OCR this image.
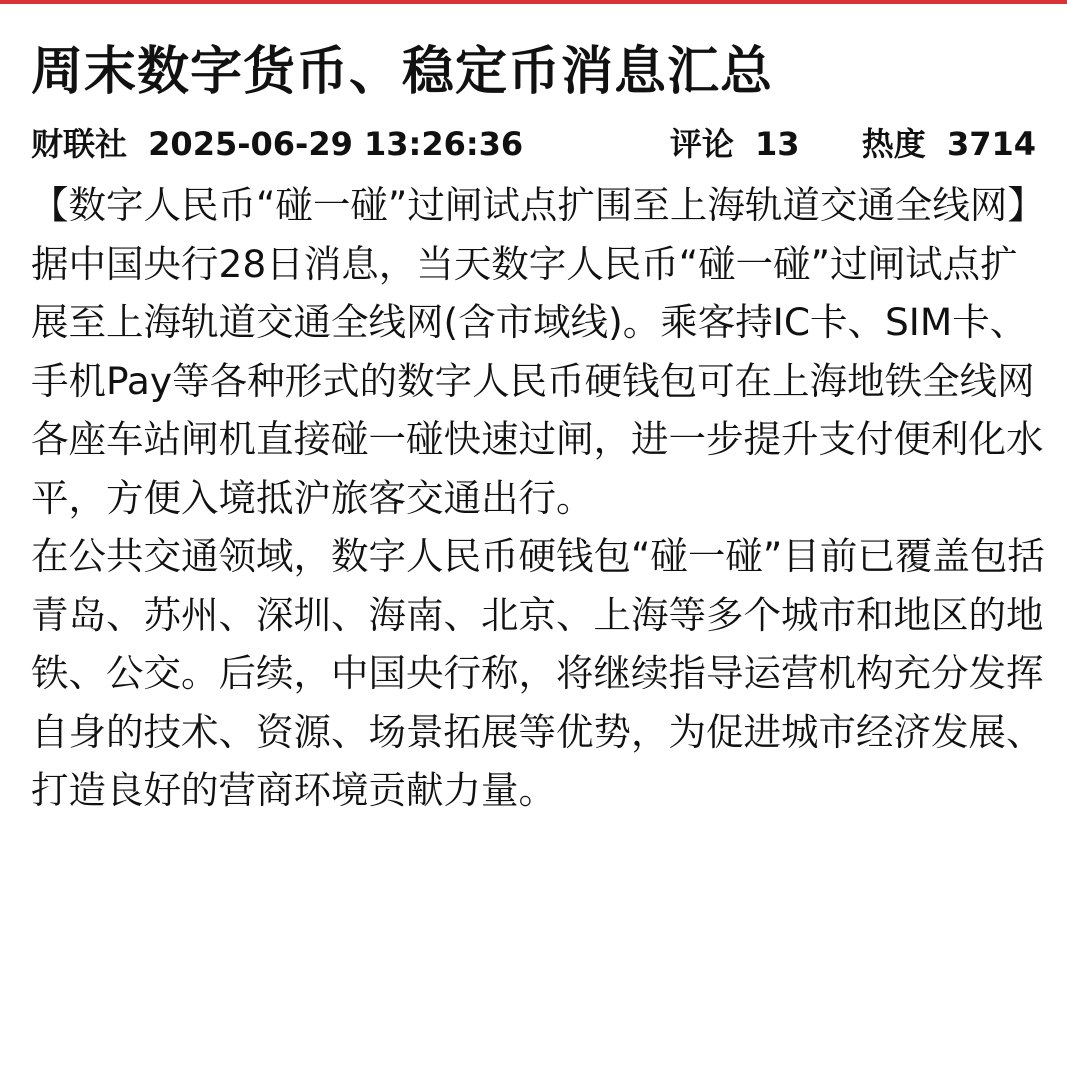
周末数字货币、稳定币消息汇总
财联社 2025-06-29 13:26:36	评论 13 热度 3714

【数字人民币“碰一碰”过闸试点扩围至上海轨道交通全线网】

据中国央行28日消息，当天数字人民币“碰一碰”过闸试点扩展至上海轨道交通全线网(含市域线)。乘客持IC卡、SIM卡、手机Pay等各种形式的数字人民币硬钱包可在上海地铁全线网各座车站闸机直接碰一碰快速过闸，进一步提升支付便利化水平，方便入境抵沪旅客交通出行。

在公共交通领域，数字人民币硬钱包“碰一碰”目前已覆盖包括青岛、苏州、深圳、海南、北京、上海等多个城市和地区的地铁、公交。后续，中国央行称，将继续指导运营机构充分发挥自身的技术、资源、场景拓展等优势，为促进城市经济发展、打造良好的营商环境贡献力量。
